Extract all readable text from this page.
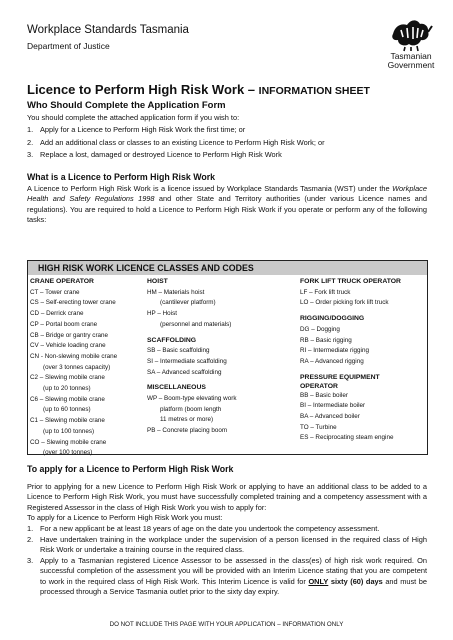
Workplace Standards Tasmania
Department of Justice
Tasmanian
Government
Licence to Perform High Risk Work – INFORMATION SHEET
Who Should Complete the Application Form
You should complete the attached application form if you wish to:
1. Apply for a Licence to Perform High Risk Work the first time; or
2. Add an additional class or classes to an existing Licence to Perform High Risk Work; or
3. Replace a lost, damaged or destroyed Licence to Perform High Risk Work
What is a Licence to Perform High Risk Work
A Licence to Perform High Risk Work is a licence issued by Workplace Standards Tasmania (WST) under the Workplace Health and Safety Regulations 1998 and other State and Territory authorities (under various Licence names and regulations). You are required to hold a Licence to Perform High Risk Work if you operate or perform any of the following tasks:
HIGH RISK WORK LICENCE CLASSES AND CODES
CRANE OPERATOR
CT – Tower crane
CS – Self-erecting tower crane
CD – Derrick crane
CP – Portal boom crane
CB – Bridge or gantry crane
CV – Vehicle loading crane
CN - Non-slewing mobile crane
(over 3 tonnes capacity)
C2 – Slewing mobile crane
(up to 20 tonnes)
C6 – Slewing mobile crane
(up to 60 tonnes)
C1 – Slewing mobile crane
(up to 100 tonnes)
CO – Slewing mobile crane
(over 100 tonnes)
HOIST
HM – Materials hoist
(cantilever platform)
HP – Hoist
(personnel and materials)
SCAFFOLDING
SB – Basic scaffolding
SI – Intermediate scaffolding
SA – Advanced scaffolding
MISCELLANEOUS
WP – Boom-type elevating work
platform (boom length
11 metres or more)
PB – Concrete placing boom
FORK LIFT TRUCK OPERATOR
LF – Fork lift truck
LO – Order picking fork lift truck
RIGGING/DOGGING
DG – Dogging
RB – Basic rigging
RI – Intermediate rigging
RA – Advanced rigging
PRESSURE EQUIPMENT
OPERATOR
BB – Basic boiler
BI – Intermediate boiler
BA – Advanced boiler
TO – Turbine
ES – Reciprocating steam engine
To apply for a Licence to Perform High Risk Work
Prior to applying for a new Licence to Perform High Risk Work or applying to have an additional class to be added to a Licence to Perform High Risk Work, you must have successfully completed training and a competency assessment with a Registered Assessor in the class of High Risk Work you wish to apply for:
To apply for a Licence to Perform High Risk Work you must:
1. For a new applicant be at least 18 years of age on the date you undertook the competency assessment.
2. Have undertaken training in the workplace under the supervision of a person licensed in the required class of High Risk Work or undertake a training course in the required class.
3. Apply to a Tasmanian registered Licence Assessor to be assessed in the class(es) of high risk work required. On successful completion of the assessment you will be provided with an Interim Licence stating that you are competent to work in the required class of High Risk Work. This Interim Licence is valid for ONLY sixty (60) days and must be processed through a Service Tasmania outlet prior to the sixty day expiry.
DO NOT INCLUDE THIS PAGE WITH YOUR APPLICATION – INFORMATION ONLY
